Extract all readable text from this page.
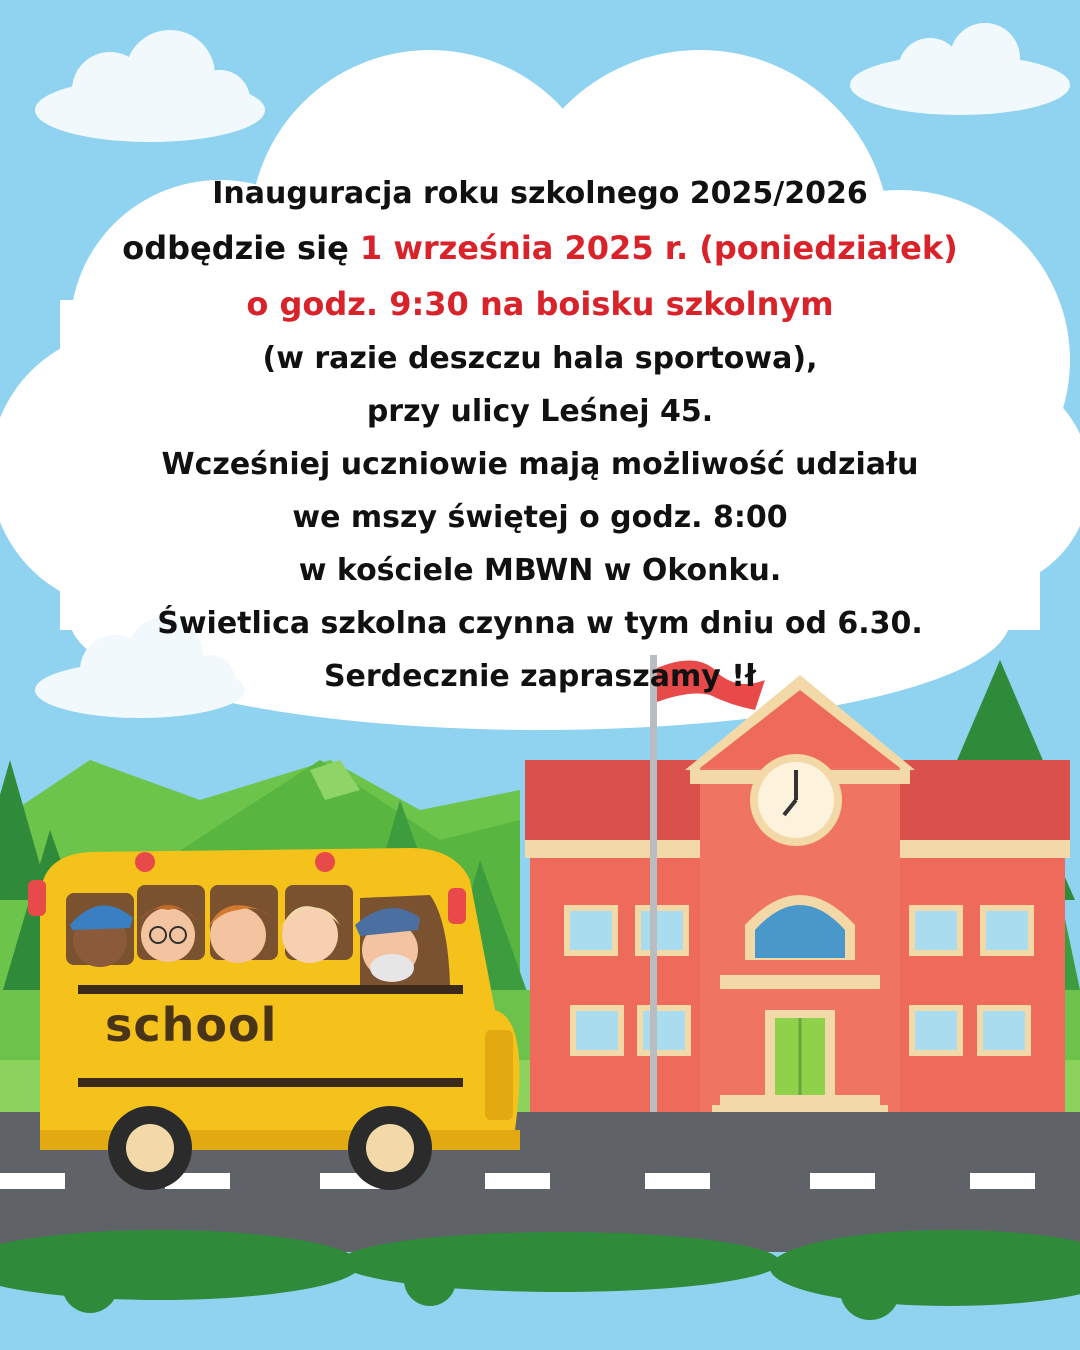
school
Inauguracja roku szkolnego 2025/2026
odbędzie się 1 września 2025 r. (poniedziałek)
o godz. 9:30 na boisku szkolnym
(w razie deszczu hala sportowa),
przy ulicy Leśnej 45.
Wcześniej uczniowie mają możliwość udziału
we mszy świętej o godz. 8:00
w kościele MBWN w Okonku.
Świetlica szkolna czynna w tym dniu od 6.30.
Serdecznie zapraszamy !ł
